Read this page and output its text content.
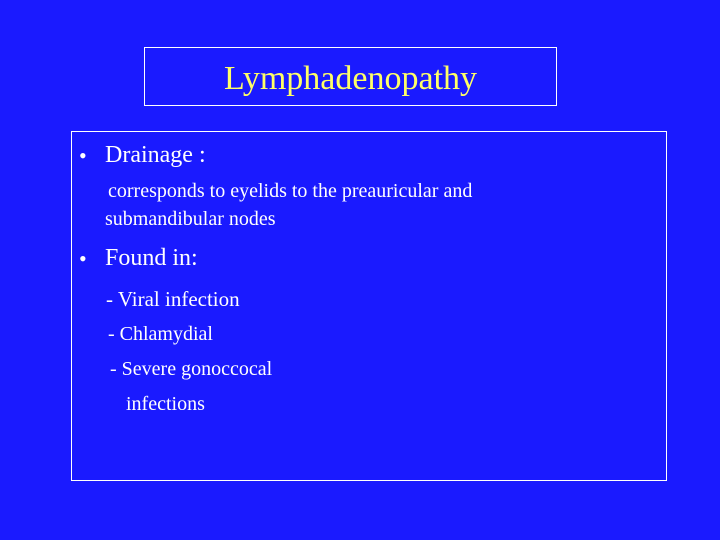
Lymphadenopathy
• Drainage :
corresponds to eyelids to the preauricular and
submandibular nodes
• Found in:
- Viral infection
- Chlamydial
- Severe gonoccocal
infections
